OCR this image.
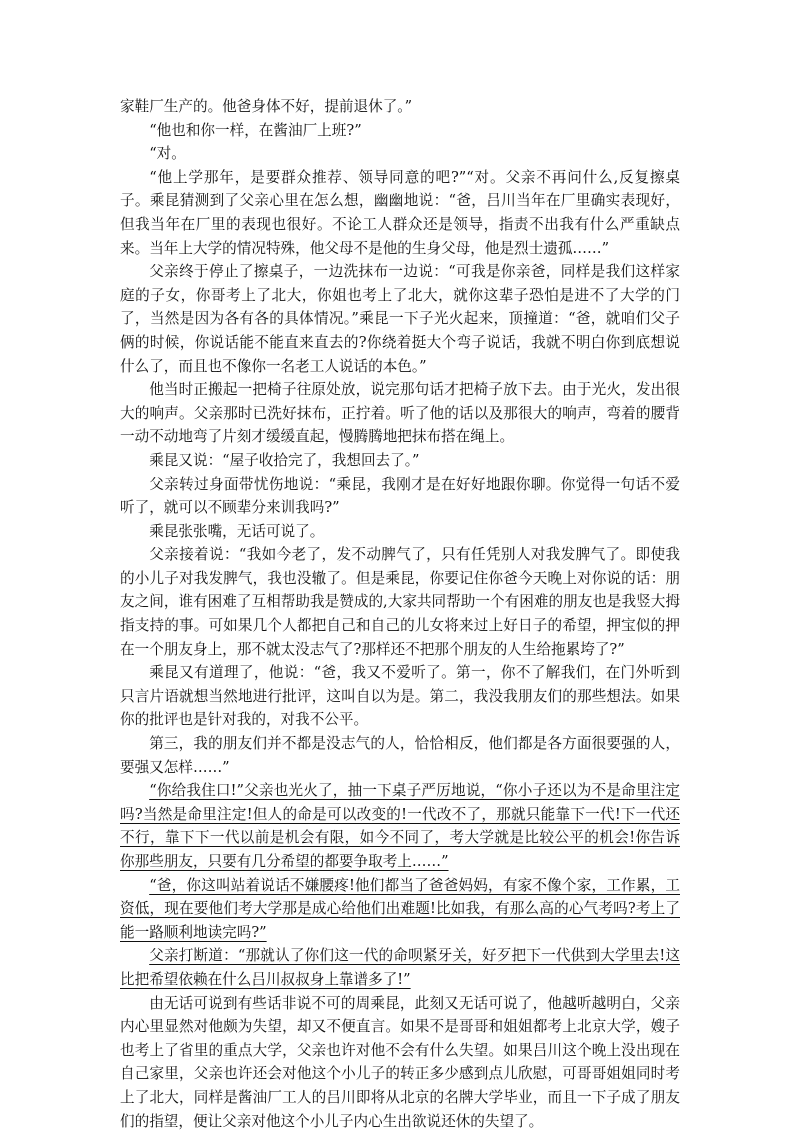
家鞋厂生产的。他爸身体不好，提前退休了。”

“他也和你一样，在酱油厂上班?”

“对。

“他上学那年，是要群众推荐、领导同意的吧?”“对。父亲不再问什么,反复擦桌子。乘昆猜测到了父亲心里在怎么想，幽幽地说：“爸，吕川当年在厂里确实表现好，但我当年在厂里的表现也很好。不论工人群众还是领导，指责不出我有什么严重缺点来。当年上大学的情况特殊，他父母不是他的生身父母，他是烈士遗孤……”

父亲终于停止了擦桌子，一边洗抹布一边说：“可我是你亲爸，同样是我们这样家庭的子女，你哥考上了北大，你姐也考上了北大，就你这辈子恐怕是进不了大学的门了，当然是因为各有各的具体情况。”乘昆一下子光火起来，顶撞道：“爸，就咱们父子俩的时候，你说话能不能直来直去的?你绕着挺大个弯子说话，我就不明白你到底想说什么了，而且也不像你一名老工人说话的本色。”

他当时正搬起一把椅子往原处放，说完那句话才把椅子放下去。由于光火，发出很大的响声。父亲那时已洗好抹布，正拧着。听了他的话以及那很大的响声，弯着的腰背一动不动地弯了片刻才缓缓直起，慢腾腾地把抹布搭在绳上。

乘昆又说：“屋子收拾完了，我想回去了。”

父亲转过身面带忧伤地说：“乘昆，我刚才是在好好地跟你聊。你觉得一句话不爱听了，就可以不顾辈分来训我吗?”

乘昆张张嘴，无话可说了。

父亲接着说：“我如今老了，发不动脾气了，只有任凭别人对我发脾气了。即使我的小儿子对我发脾气，我也没辙了。但是乘昆，你要记住你爸今天晚上对你说的话：朋友之间，谁有困难了互相帮助我是赞成的,大家共同帮助一个有困难的朋友也是我竖大拇指支持的事。可如果几个人都把自己和自己的儿女将来过上好日子的希望，押宝似的押在一个朋友身上，那不就太没志气了?那样还不把那个朋友的人生给拖累垮了?”

乘昆又有道理了，他说：“爸，我又不爱听了。第一，你不了解我们，在门外听到只言片语就想当然地进行批评，这叫自以为是。第二，我没我朋友们的那些想法。如果你的批评也是针对我的，对我不公平。

第三，我的朋友们并不都是没志气的人，恰恰相反，他们都是各方面很要强的人，要强又怎样……”

“你给我住口!”父亲也光火了，抽一下桌子严厉地说，“你小子还以为不是命里注定吗?当然是命里注定!但人的命是可以改变的!一代改不了，那就只能靠下一代!下一代还不行，靠下下一代以前是机会有限，如今不同了，考大学就是比较公平的机会!你告诉你那些朋友，只要有几分希望的都要争取考上……”

“爸，你这叫站着说话不嫌腰疼!他们都当了爸爸妈妈，有家不像个家，工作累，工资低，现在要他们考大学那是成心给他们出难题!比如我，有那么高的心气考吗?考上了能一路顺利地读完吗?”

父亲打断道：“那就认了你们这一代的命呗紧牙关，好歹把下一代供到大学里去!这比把希望依赖在什么吕川叔叔身上靠谱多了!”

由无话可说到有些话非说不可的周乘昆，此刻又无话可说了，他越听越明白，父亲内心里显然对他颇为失望，却又不便直言。如果不是哥哥和姐姐都考上北京大学，嫂子也考上了省里的重点大学，父亲也许对他不会有什么失望。如果吕川这个晚上没出现在自己家里，父亲也许还会对他这个小儿子的转正多少感到点儿欣慰，可哥哥姐姐同时考上了北大，同样是酱油厂工人的吕川即将从北京的名牌大学毕业，而且一下子成了朋友们的指望，便让父亲对他这个小儿子内心生出欲说还休的失望了。
